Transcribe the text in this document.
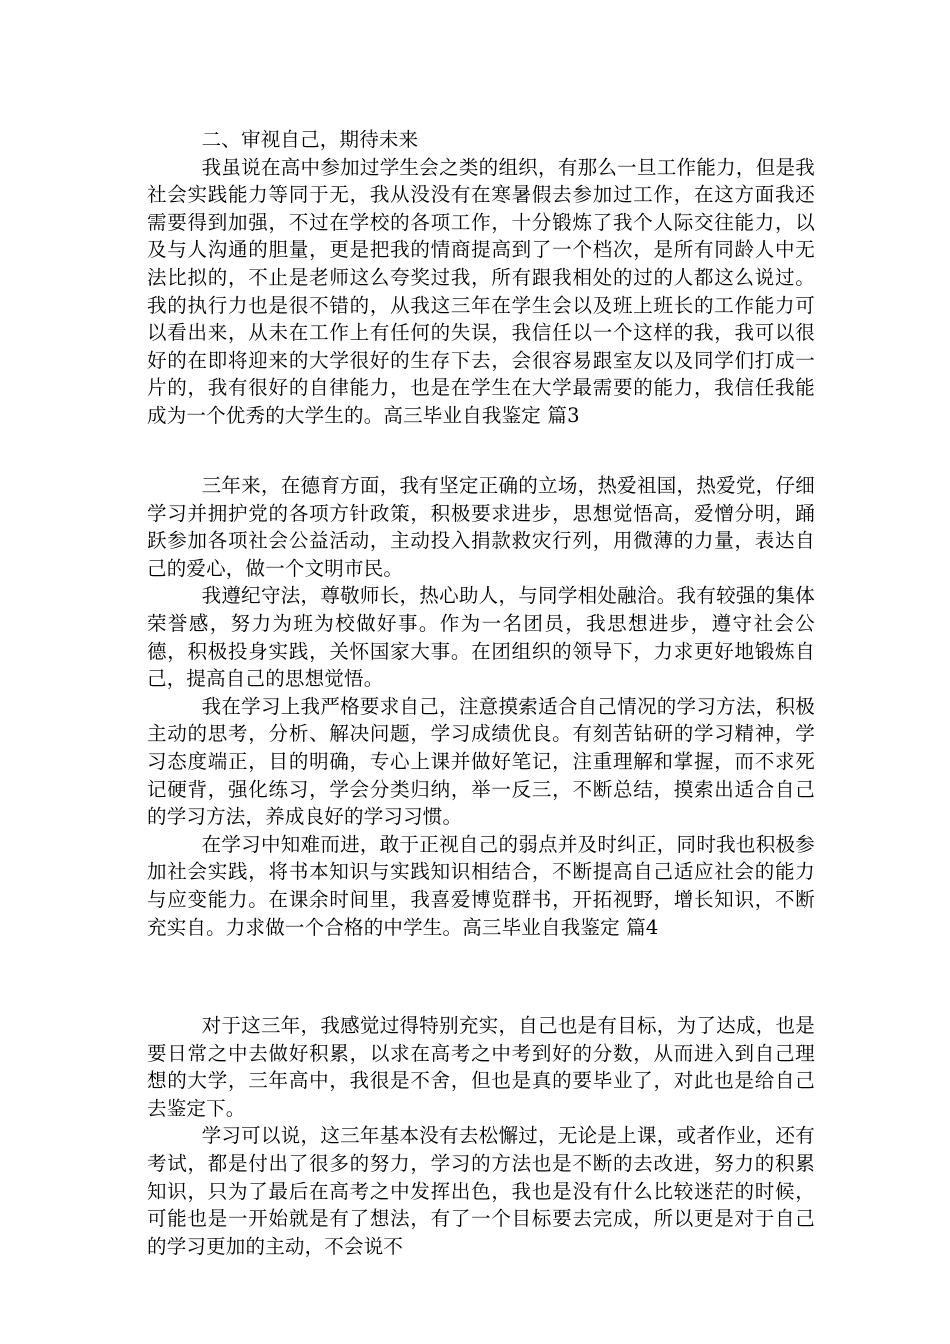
二、审视自己，期待未来

我虽说在高中参加过学生会之类的组织，有那么一旦工作能力，但是我社会实践能力等同于无，我从没没有在寒暑假去参加过工作，在这方面我还需要得到加强，不过在学校的各项工作，十分锻炼了我个人际交往能力，以及与人沟通的胆量，更是把我的情商提高到了一个档次，是所有同龄人中无法比拟的，不止是老师这么夸奖过我，所有跟我相处的过的人都这么说过。我的执行力也是很不错的，从我这三年在学生会以及班上班长的工作能力可以看出来，从未在工作上有任何的失误，我信任以一个这样的我，我可以很好的在即将迎来的大学很好的生存下去，会很容易跟室友以及同学们打成一片的，我有很好的自律能力，也是在学生在大学最需要的能力，我信任我能成为一个优秀的大学生的。高三毕业自我鉴定 篇3

三年来，在德育方面，我有坚定正确的立场，热爱祖国，热爱党，仔细学习并拥护党的各项方针政策，积极要求进步，思想觉悟高，爱憎分明，踊跃参加各项社会公益活动，主动投入捐款救灾行列，用微薄的力量，表达自己的爱心，做一个文明市民。

我遵纪守法，尊敬师长，热心助人，与同学相处融洽。我有较强的集体荣誉感，努力为班为校做好事。作为一名团员，我思想进步，遵守社会公德，积极投身实践，关怀国家大事。在团组织的领导下，力求更好地锻炼自己，提高自己的思想觉悟。

我在学习上我严格要求自己，注意摸索适合自己情况的学习方法，积极主动的思考，分析、解决问题，学习成绩优良。有刻苦钻研的学习精神，学习态度端正，目的明确，专心上课并做好笔记，注重理解和掌握，而不求死记硬背，强化练习，学会分类归纳，举一反三，不断总结，摸索出适合自己的学习方法，养成良好的学习习惯。

在学习中知难而进，敢于正视自己的弱点并及时纠正，同时我也积极参加社会实践，将书本知识与实践知识相结合，不断提高自己适应社会的能力与应变能力。在课余时间里，我喜爱博览群书，开拓视野，增长知识，不断充实自。力求做一个合格的中学生。高三毕业自我鉴定 篇4

对于这三年，我感觉过得特别充实，自己也是有目标，为了达成，也是要日常之中去做好积累，以求在高考之中考到好的分数，从而进入到自己理想的大学，三年高中，我很是不舍，但也是真的要毕业了，对此也是给自己去鉴定下。

学习可以说，这三年基本没有去松懈过，无论是上课，或者作业，还有考试，都是付出了很多的努力，学习的方法也是不断的去改进，努力的积累知识，只为了最后在高考之中发挥出色，我也是没有什么比较迷茫的时候，可能也是一开始就是有了想法，有了一个目标要去完成，所以更是对于自己的学习更加的主动，不会说不
